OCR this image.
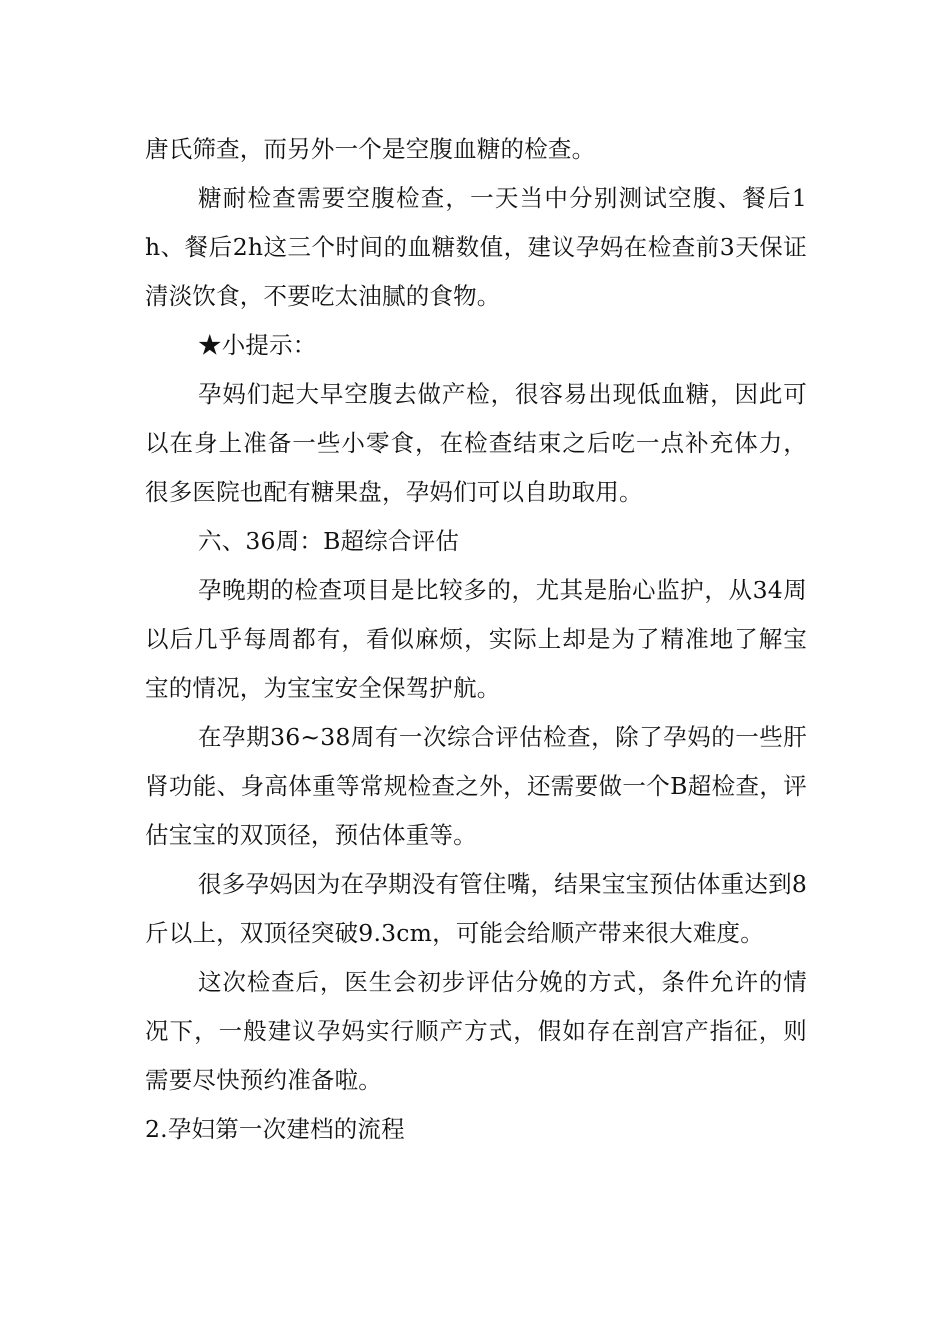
唐氏筛查，而另外一个是空腹血糖的检查。

糖耐检查需要空腹检查，一天当中分别测试空腹、餐后1h、餐后2h这三个时间的血糖数值，建议孕妈在检查前3天保证清淡饮食，不要吃太油腻的食物。

★小提示：

孕妈们起大早空腹去做产检，很容易出现低血糖，因此可以在身上准备一些小零食，在检查结束之后吃一点补充体力，很多医院也配有糖果盘，孕妈们可以自助取用。

六、36周：B超综合评估

孕晚期的检查项目是比较多的，尤其是胎心监护，从34周以后几乎每周都有，看似麻烦，实际上却是为了精准地了解宝宝的情况，为宝宝安全保驾护航。

在孕期36~38周有一次综合评估检查，除了孕妈的一些肝肾功能、身高体重等常规检查之外，还需要做一个B超检查，评估宝宝的双顶径，预估体重等。

很多孕妈因为在孕期没有管住嘴，结果宝宝预估体重达到8斤以上，双顶径突破9.3cm，可能会给顺产带来很大难度。

这次检查后，医生会初步评估分娩的方式，条件允许的情况下，一般建议孕妈实行顺产方式，假如存在剖宫产指征，则需要尽快预约准备啦。

2.孕妇第一次建档的流程
